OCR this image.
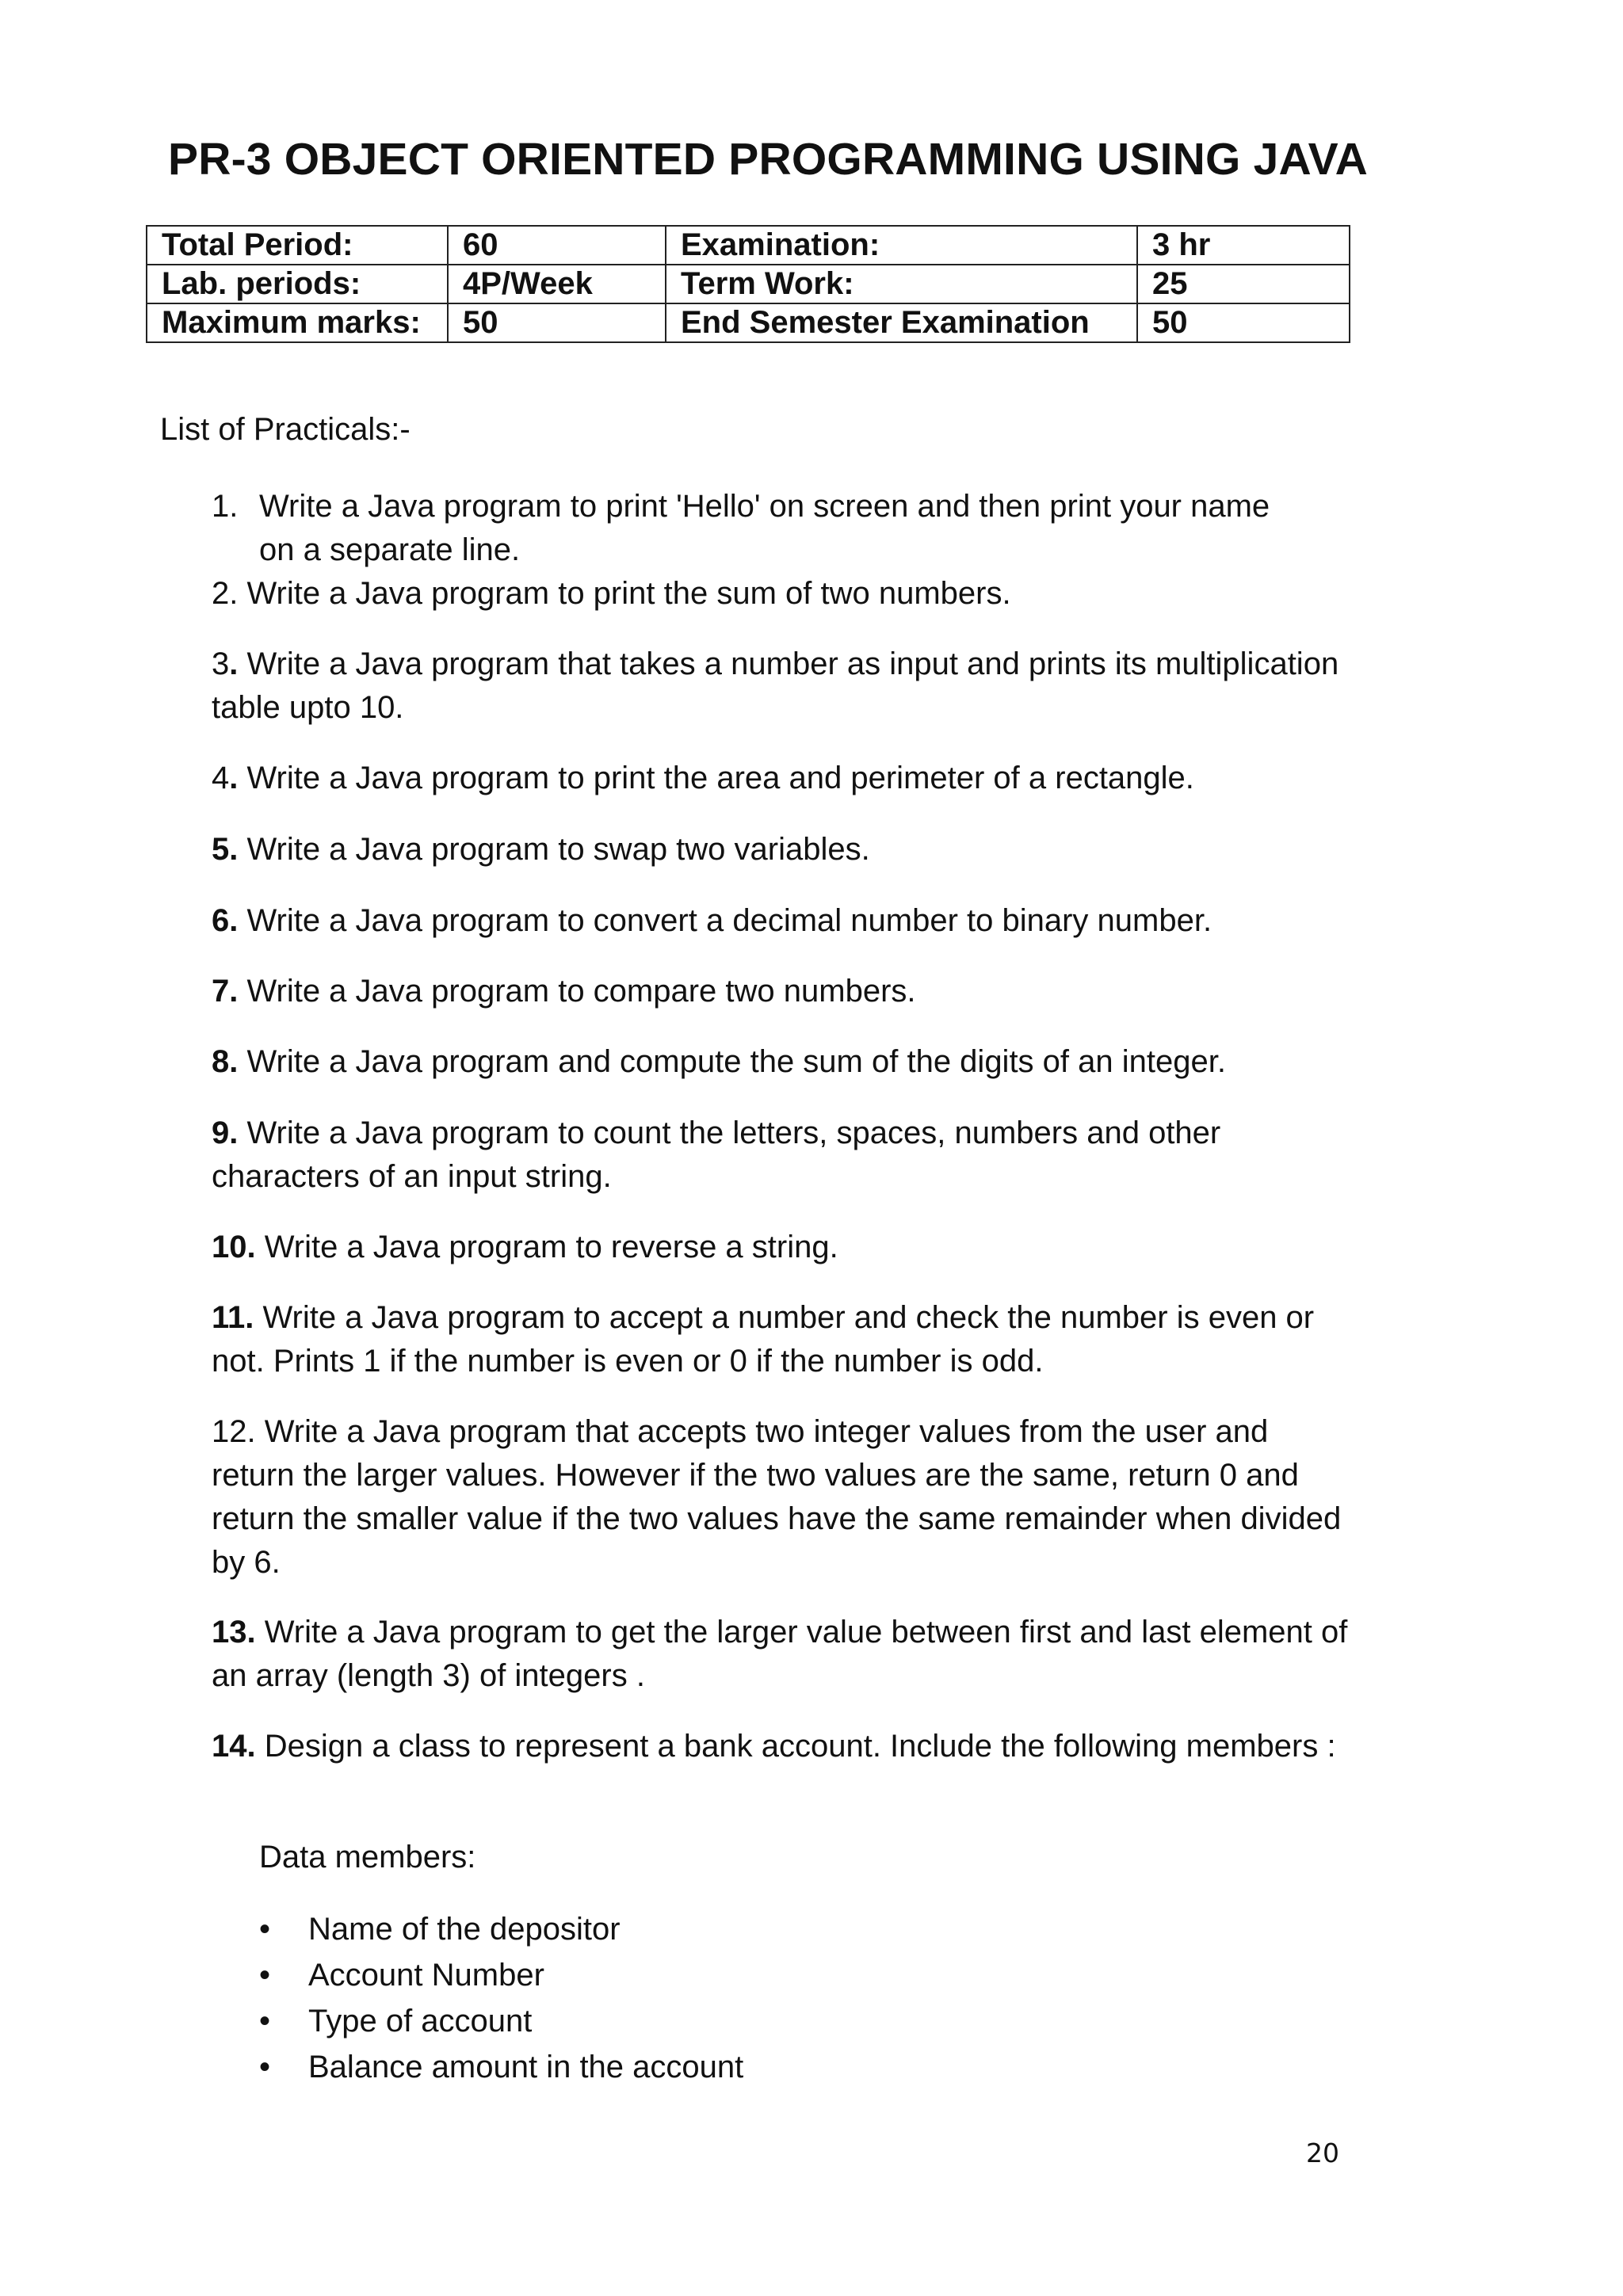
PR-3 OBJECT ORIENTED PROGRAMMING USING JAVA
Total Period:	60	Examination:	3 hr
Lab. periods:	4P/Week	Term Work:	25
Maximum marks:	50	End Semester Examination	50
List of Practicals:-
1. Write a Java program to print 'Hello' on screen and then print your name
on a separate line.
2. Write a Java program to print the sum of two numbers.
3. Write a Java program that takes a number as input and prints its multiplication table upto 10.
4. Write a Java program to print the area and perimeter of a rectangle.
5. Write a Java program to swap two variables.
6. Write a Java program to convert a decimal number to binary number.
7. Write a Java program to compare two numbers.
8. Write a Java program and compute the sum of the digits of an integer.
9. Write a Java program to count the letters, spaces, numbers and other characters of an input string.
10. Write a Java program to reverse a string.
11. Write a Java program to accept a number and check the number is even or not. Prints 1 if the number is even or 0 if the number is odd.
12. Write a Java program that accepts two integer values from the user and return the larger values. However if the two values are the same, return 0 and return the smaller value if the two values have the same remainder when divided by 6.
13. Write a Java program to get the larger value between first and last element of an array (length 3) of integers .
14. Design a class to represent a bank account. Include the following members :
Data members:
• Name of the depositor
• Account Number
• Type of account
• Balance amount in the account
20
